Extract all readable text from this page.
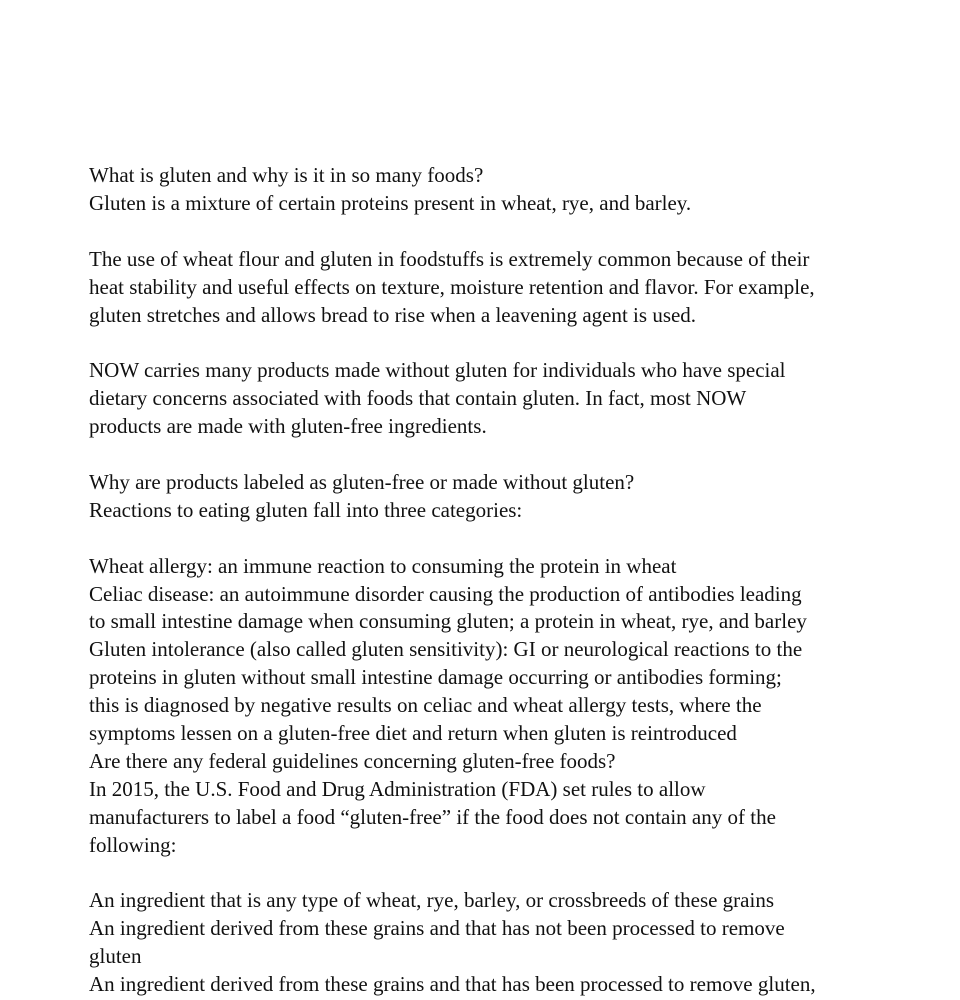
What is gluten and why is it in so many foods?
Gluten is a mixture of certain proteins present in wheat, rye, and barley.
The use of wheat flour and gluten in foodstuffs is extremely common because of their
heat stability and useful effects on texture, moisture retention and flavor. For example,
gluten stretches and allows bread to rise when a leavening agent is used.
NOW carries many products made without gluten for individuals who have special
dietary concerns associated with foods that contain gluten. In fact, most NOW
products are made with gluten-free ingredients.
Why are products labeled as gluten-free or made without gluten?
Reactions to eating gluten fall into three categories:
Wheat allergy: an immune reaction to consuming the protein in wheat
Celiac disease: an autoimmune disorder causing the production of antibodies leading
to small intestine damage when consuming gluten; a protein in wheat, rye, and barley
Gluten intolerance (also called gluten sensitivity): GI or neurological reactions to the
proteins in gluten without small intestine damage occurring or antibodies forming;
this is diagnosed by negative results on celiac and wheat allergy tests, where the
symptoms lessen on a gluten-free diet and return when gluten is reintroduced
Are there any federal guidelines concerning gluten-free foods?
In 2015, the U.S. Food and Drug Administration (FDA) set rules to allow
manufacturers to label a food “gluten-free” if the food does not contain any of the
following:
An ingredient that is any type of wheat, rye, barley, or crossbreeds of these grains
An ingredient derived from these grains and that has not been processed to remove
gluten
An ingredient derived from these grains and that has been processed to remove gluten,
